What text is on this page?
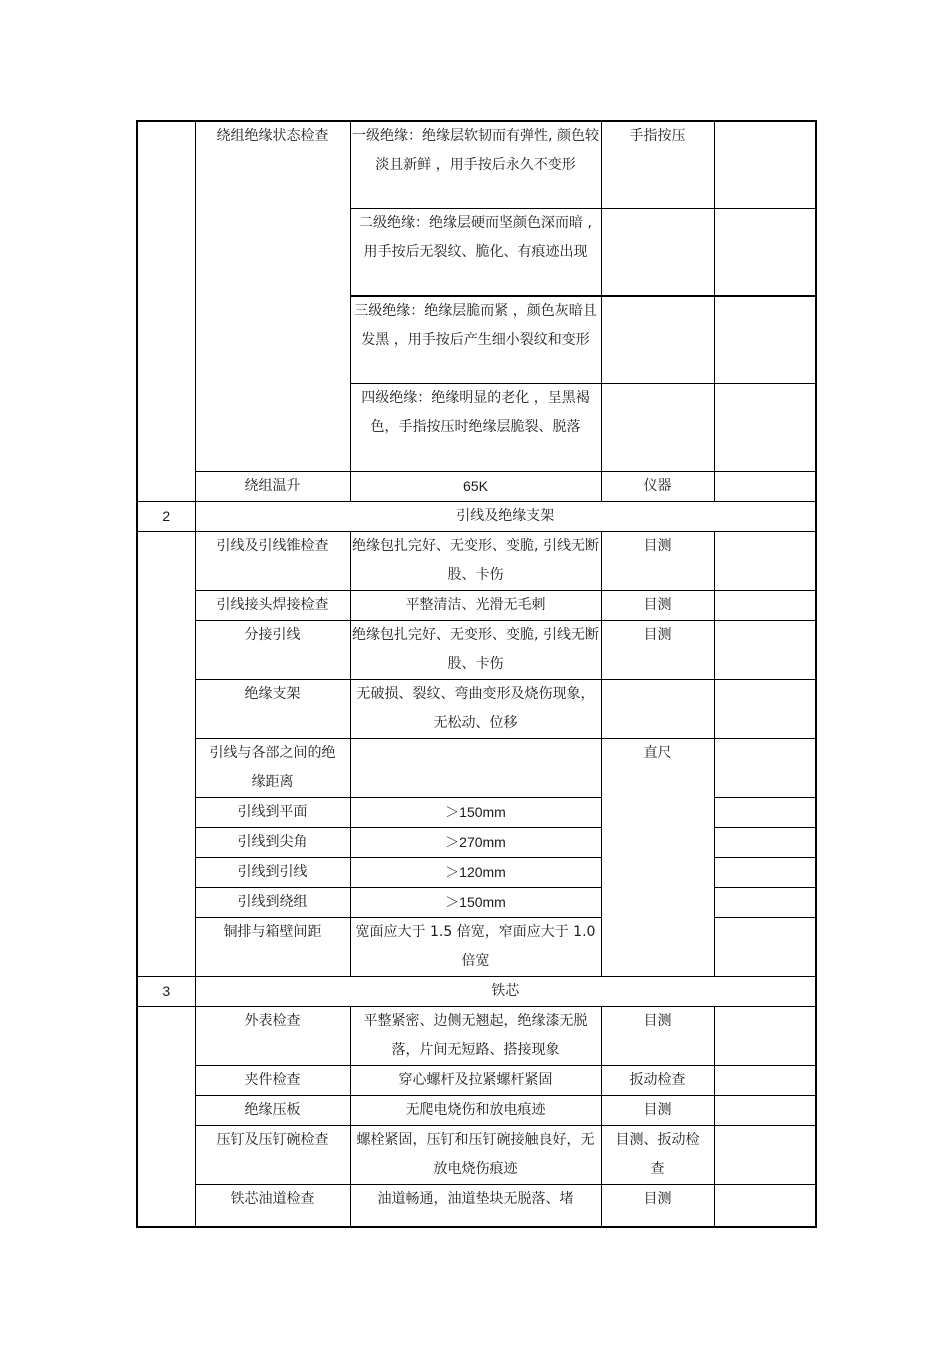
	绕组绝缘状态检查	一级绝缘：绝缘层软韧而有弹性, 颜色较淡且新鲜 ，用手按后永久不变形	手指按压	
		二级绝缘：绝缘层硬而坚颜色深而暗 , 用手按后无裂纹、脆化、有痕迹出现		
		三级绝缘：绝缘层脆而紧 ，颜色灰暗且发黑 ，用手按后产生细小裂纹和变形		
		四级绝缘：绝缘明显的老化 ，呈黑褐色，手指按压时绝缘层脆裂、脱落		
	绕组温升	65K	仪器	
2	引线及绝缘支架			
	引线及引线锥检查	绝缘包扎完好、无变形、变脆, 引线无断股、卡伤	目测	
	引线接头焊接检查	平整清洁、光滑无毛刺	目测	
	分接引线	绝缘包扎完好、无变形、变脆, 引线无断股、卡伤	目测	
	绝缘支架	无破损、裂纹、弯曲变形及烧伤现象，无松动、位移		
	引线与各部之间的绝缘距离		直尺	
	引线到平面	＞150mm		
	引线到尖角	＞270mm		
	引线到引线	＞120mm		
	引线到绕组	＞150mm		
	铜排与箱壁间距	宽面应大于 1.5 倍宽，窄面应大于 1.0 倍宽		
3	铁芯			
	外表检查	平整紧密、边侧无翘起，绝缘漆无脱落，片间无短路、搭接现象	目测	
	夹件检查	穿心螺杆及拉紧螺杆紧固	扳动检查	
	绝缘压板	无爬电烧伤和放电痕迹	目测	
	压钉及压钉碗检查	螺栓紧固，压钉和压钉碗接触良好，无放电烧伤痕迹	目测、扳动检查	
	铁芯油道检查	油道畅通，油道垫块无脱落、堵	目测	
